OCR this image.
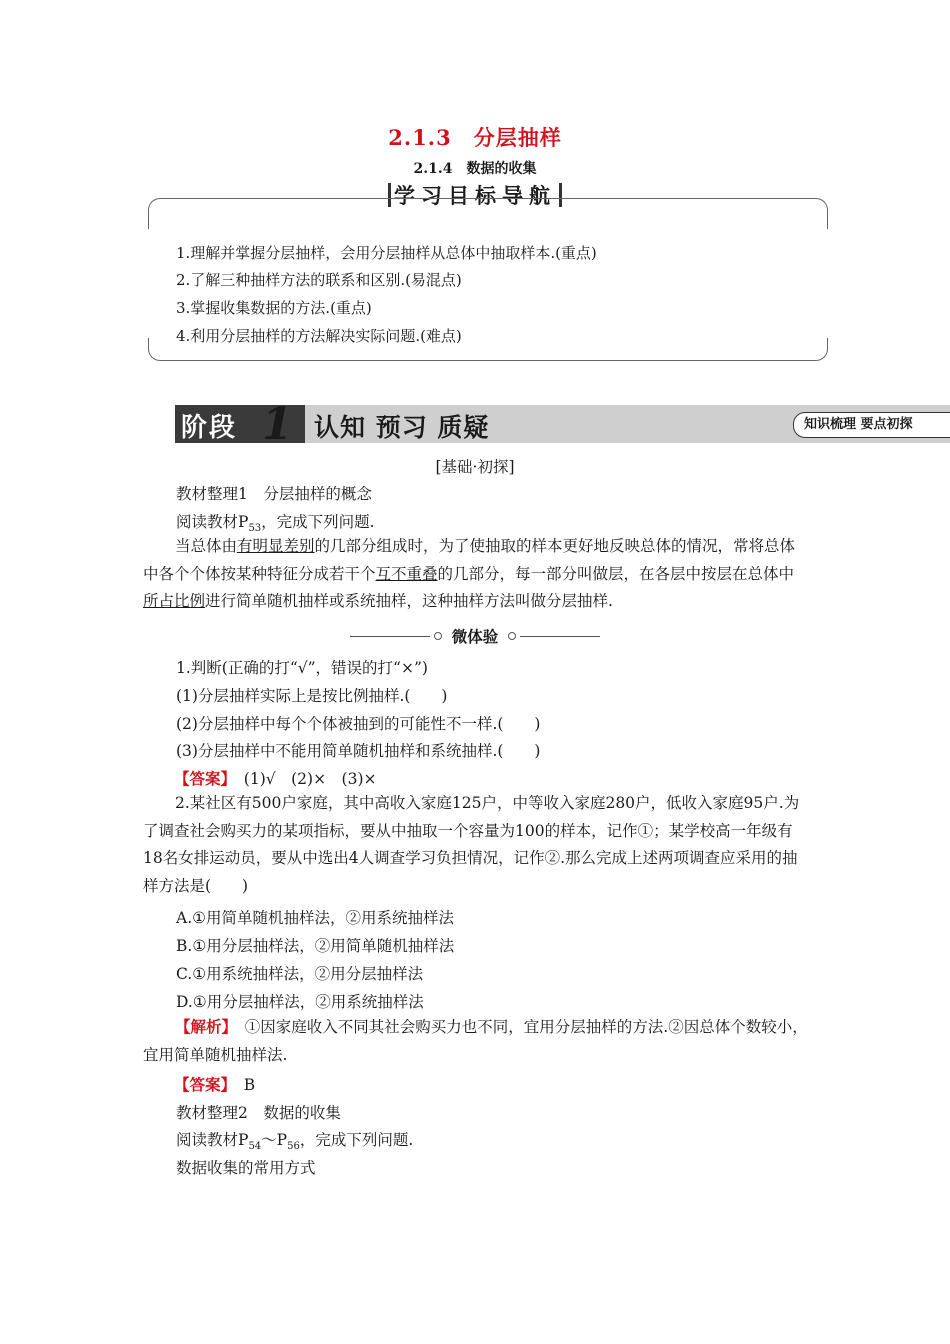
2.1.3　分层抽样
2.1.4　数据的收集
学习目标导航
1.理解并掌握分层抽样，会用分层抽样从总体中抽取样本.(重点)
2.了解三种抽样方法的联系和区别.(易混点)
3.掌握收集数据的方法.(重点)
4.利用分层抽样的方法解决实际问题.(难点)
阶段 1 认知 预习 质疑	知识梳理 要点初探
[基础·初探]
教材整理1　分层抽样的概念
阅读教材$P_{53}$，完成下列问题.
当总体由有明显差别的几部分组成时，为了使抽取的样本更好地反映总体的情况，常将总体中各个个体按某种特征分成若干个互不重叠的几部分，每一部分叫做层，在各层中按层在总体中所占比例进行简单随机抽样或系统抽样，这种抽样方法叫做分层抽样.
微体验
1.判断(正确的打“√”，错误的打“×”)
(1)分层抽样实际上是按比例抽样.(　　)
(2)分层抽样中每个个体被抽到的可能性不一样.(　　)
(3)分层抽样中不能用简单随机抽样和系统抽样.(　　)
【答案】　 (1)√　(2)×　(3)×
2.某社区有500户家庭，其中高收入家庭125户，中等收入家庭280户，低收入家庭95户.为了调查社会购买力的某项指标，要从中抽取一个容量为100的样本，记作①；某学校高一年级有18名女排运动员，要从中选出4人调查学习负担情况，记作②.那么完成上述两项调查应采用的抽样方法是(　　)
A.①用简单随机抽样法，②用系统抽样法
B.①用分层抽样法，②用简单随机抽样法
C.①用系统抽样法，②用分层抽样法
D.①用分层抽样法，②用系统抽样法
【解析】　 ①因家庭收入不同其社会购买力也不同，宜用分层抽样的方法.②因总体个数较小，宜用简单随机抽样法.
【答案】　 B
教材整理2　数据的收集
阅读教材$P_{54}\sim P_{56}$，完成下列问题.
数据收集的常用方式
